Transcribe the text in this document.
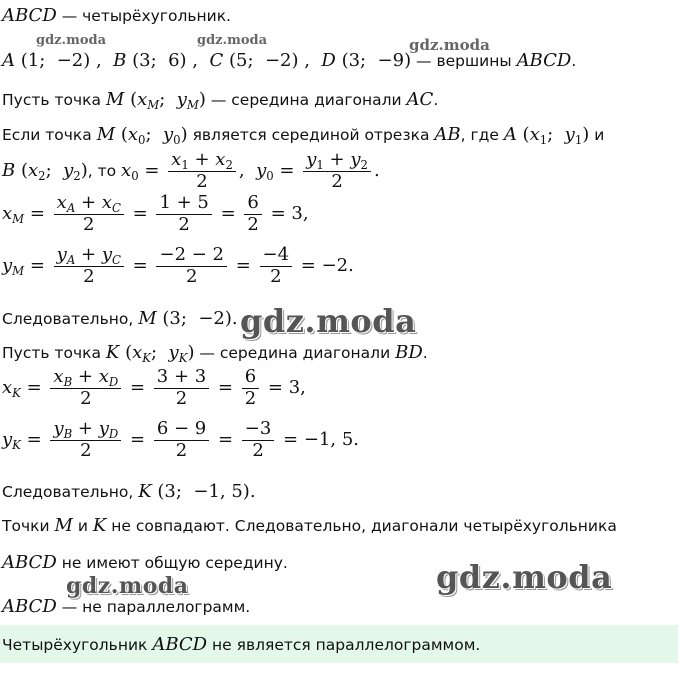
gdz.moda	gdz.moda	gdz.moda
gdz.moda
gdz.moda	gdz.moda
ABCD — четырёхугольник.
A (1;  −2) ,  B (3;  6) ,  C (5;  −2) ,  D (3;  −9) — вершины ABCD.
Пусть точка M ($x_M$;  $y_M$) — середина диагонали AC.
Если точка M ($x_0$;  $y_0$) является серединой отрезка AB, где A ($x_1$;  $y_1$) и
B ($x_2$;  $y_2$), то $x_0 = \frac{x_1 + x_2}{2}$ ,  $y_0 = \frac{y_1 + y_2}{2}$ .
$x_M = \frac{x_A + x_C}{2} = \frac{1 + 5}{2} = \frac{6}{2} = 3$,
$y_M = \frac{y_A + y_C}{2} = \frac{-2 - 2}{2} = \frac{-4}{2} = -2$.
Следовательно, M (3;  −2).
Пусть точка K ($x_K$;  $y_K$) — середина диагонали BD.
$x_K = \frac{x_B + x_D}{2} = \frac{3 + 3}{2} = \frac{6}{2} = 3$,
$y_K = \frac{y_B + y_D}{2} = \frac{6 - 9}{2} = \frac{-3}{2} = -1$, 5.
Следовательно, K (3;  −1, 5).
Точки M и K не совпадают. Следовательно, диагонали четырёхугольника
ABCD не имеют общую середину.
ABCD — не параллелограмм.
Четырёхугольник ABCD не является параллелограммом.
